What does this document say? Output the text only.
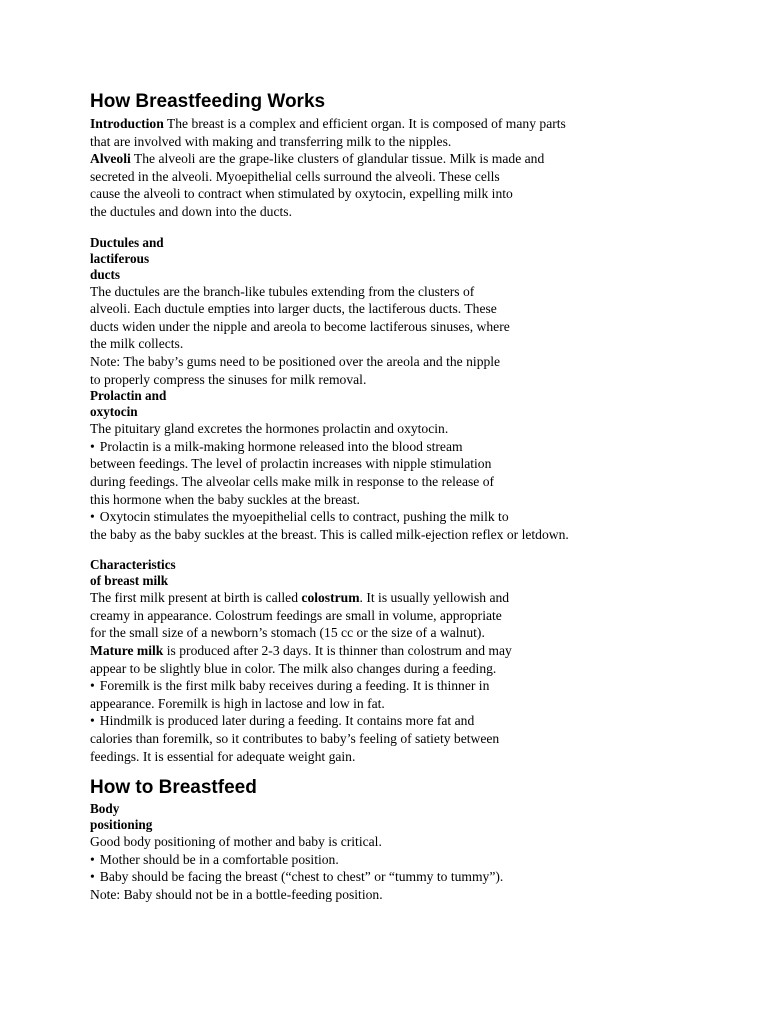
How Breastfeeding Works

Introduction The breast is a complex and efficient organ. It is composed of many parts

that are involved with making and transferring milk to the nipples.

Alveoli The alveoli are the grape-like clusters of glandular tissue. Milk is made and

secreted in the alveoli. Myoepithelial cells surround the alveoli. These cells

cause the alveoli to contract when stimulated by oxytocin, expelling milk into

the ductules and down into the ducts.

Ductules and

lactiferous

ducts

The ductules are the branch-like tubules extending from the clusters of

alveoli. Each ductule empties into larger ducts, the lactiferous ducts. These

ducts widen under the nipple and areola to become lactiferous sinuses, where

the milk collects.

Note: The baby’s gums need to be positioned over the areola and the nipple

to properly compress the sinuses for milk removal.

Prolactin and

oxytocin

The pituitary gland excretes the hormones prolactin and oxytocin.

• Prolactin is a milk-making hormone released into the blood stream

between feedings. The level of prolactin increases with nipple stimulation

during feedings. The alveolar cells make milk in response to the release of

this hormone when the baby suckles at the breast.

• Oxytocin stimulates the myoepithelial cells to contract, pushing the milk to

the baby as the baby suckles at the breast. This is called milk-ejection reflex or letdown.

Characteristics

of breast milk

The first milk present at birth is called colostrum. It is usually yellowish and

creamy in appearance. Colostrum feedings are small in volume, appropriate

for the small size of a newborn’s stomach (15 cc or the size of a walnut).

Mature milk is produced after 2-3 days. It is thinner than colostrum and may

appear to be slightly blue in color. The milk also changes during a feeding.

• Foremilk is the first milk baby receives during a feeding. It is thinner in

appearance. Foremilk is high in lactose and low in fat.

• Hindmilk is produced later during a feeding. It contains more fat and

calories than foremilk, so it contributes to baby’s feeling of satiety between

feedings. It is essential for adequate weight gain.

How to Breastfeed

Body

positioning

Good body positioning of mother and baby is critical.

• Mother should be in a comfortable position.

• Baby should be facing the breast (“chest to chest” or “tummy to tummy”).

Note: Baby should not be in a bottle-feeding position.
